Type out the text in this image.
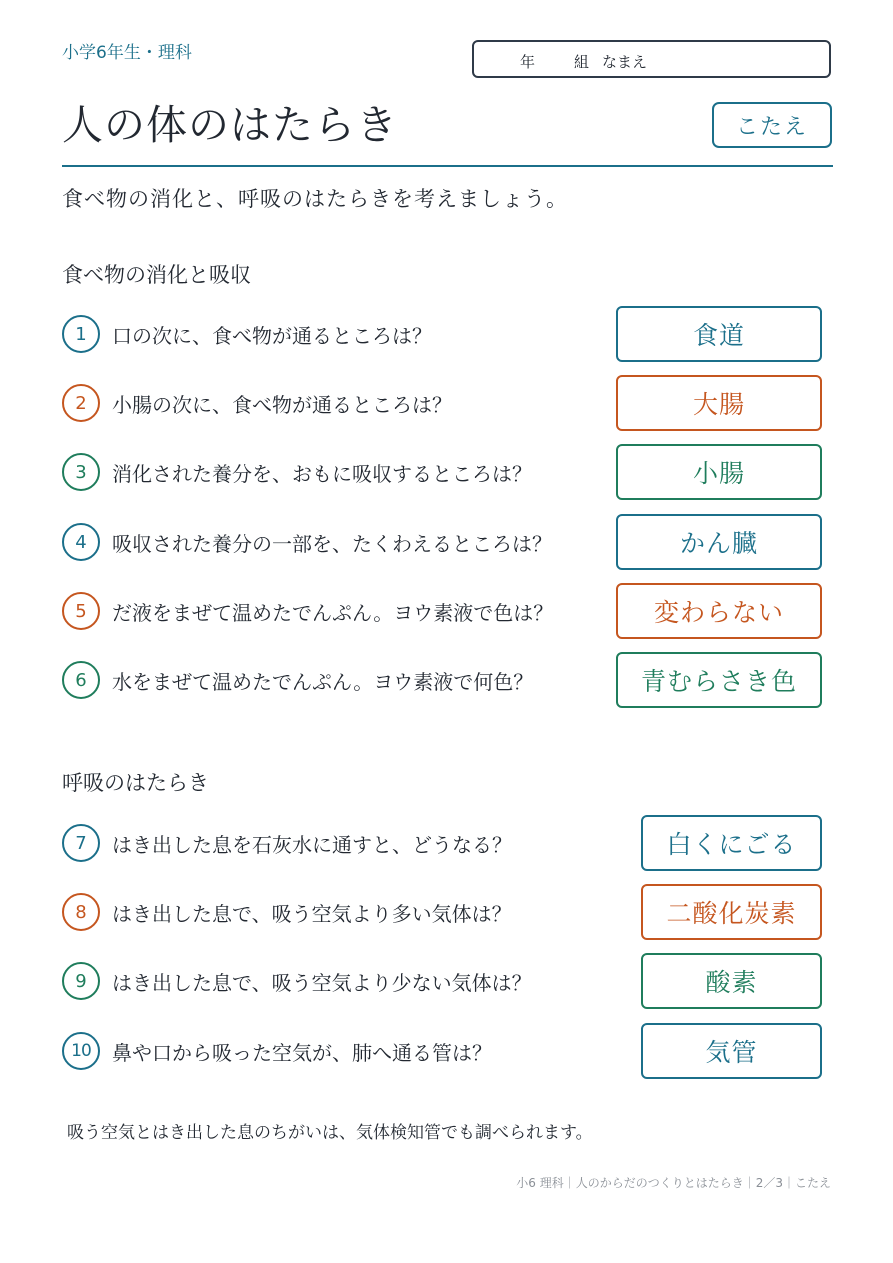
小学6年生・理科	年	組 なまえ
人の体のはたらき	こたえ
食べ物の消化と、呼吸のはたらきを考えましょう。
食べ物の消化と吸収
1	口の次に、食べ物が通るところは？	食道
2	小腸の次に、食べ物が通るところは？	大腸
3	消化された養分を、おもに吸収するところは？	小腸
4	吸収された養分の一部を、たくわえるところは？	かん臓
5	だ液をまぜて温めたでんぷん。ヨウ素液で色は？	変わらない
6	水をまぜて温めたでんぷん。ヨウ素液で何色？	青むらさき色
呼吸のはたらき
7	はき出した息を石灰水に通すと、どうなる？	白くにごる
8	はき出した息で、吸う空気より多い気体は？	二酸化炭素
9	はき出した息で、吸う空気より少ない気体は？	酸素
10	鼻や口から吸った空気が、肺へ通る管は？	気管
吸う空気とはき出した息のちがいは、気体検知管でも調べられます。
小6 理科｜人のからだのつくりとはたらき｜2／3｜こたえ
